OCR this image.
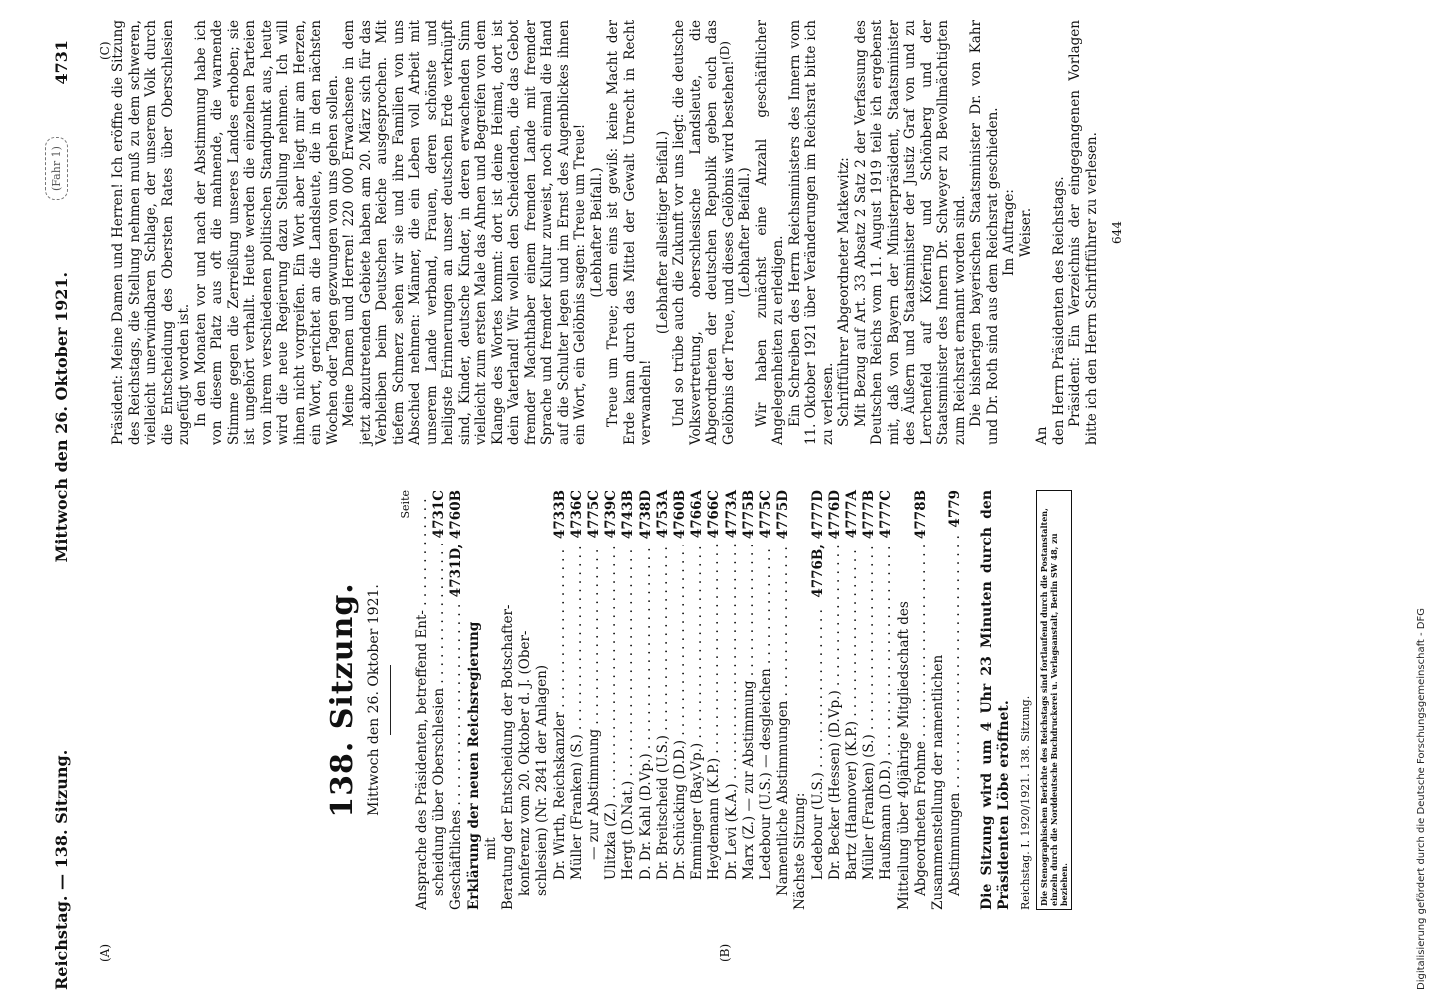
Reichstag. — 138. Sitzung.
Mittwoch den 26. Oktober 1921.
4731
(A)	(B)
(C)	(D)
(Fahr 1)
Digitalisierung gefördert durch die Deutsche Forschungsgemeinschaft - DFG
138. Sitzung. Mittwoch den 26. Oktober 1921.
Seite
Ansprache des Präsidenten, betreffend Ent- . . . scheidung über Oberschlesien . . .
4731C
Geschäftliches . . .
4731D, 4760B
Erklärung der neuen Reichsregierung mit Beratung der Entscheidung der Botschafter- konferenz vom 20. Oktober d. J. (Ober- schlesien) (Nr. 2841 der Anlagen) Dr. Wirth, Reichskanzler . . .
4733B
Müller (Franken) (S.) . . .
4736C
— zur Abstimmung . . .
4775C
Ulitzka (Z.) . . .
4739C
Hergt (D.Nat.) . . .
4743B
D. Dr. Kahl (D.Vp.) . . .
4738D
Dr. Breitscheid (U.S.) . . .
4753A
Dr. Schücking (D.D.) . . .
4760B
Emminger (Bay.Vp.) . . .
4766A
Heydemann (K.P.) . . .
4766C
Dr. Levi (K.A.) . . .
4773A
Marx (Z.) — zur Abstimmung . . .
4775B
Ledebour (U.S.) — desgleichen . . .
4775C
Namentliche Abstimmungen . . .
4775D
Nächste Sitzung: Ledebour (U.S.) . . .
4776B, 4777D
Dr. Becker (Hessen) (D.Vp.) . . .
4776D
Bartz (Hannover) (K.P.) . . .
4777A
Müller (Franken) (S.) . . .
4777B
Haußmann (D.D.) . . .
4777C
Mitteilung über 40jährige Mitgliedschaft des Abgeordneten Frohme . . .
4778B
Zusammenstellung der namentlichen Abstimmungen . . .
4779 Die Sitzung wird um 4 Uhr 23 Minuten durch den Präsidenten Löbe eröffnet. Reichstag. I. 1920/1921. 138. Sitzung. Die Stenographischen Berichte des Reichstags sind fortlaufend durch die Postanstalten, einzeln durch die Norddeutsche Buchdruckerei u. Verlagsanstalt, Berlin SW 48, zu beziehen.

Präsident: Meine Damen und Herren! Ich eröffne die Sitzung des Reichstags, die Stellung nehmen muß zu dem schweren, vielleicht unerwindbaren Schlage, der unserem Volk durch die Entscheidung des Obersten Rates über Oberschlesien zugefügt worden ist. In den Monaten vor und nach der Abstimmung habe ich von diesem Platz aus oft die mahnende, die warnende Stimme gegen die Zerreißung unseres Landes erhoben; sie ist ungehört verhallt. Heute werden die einzelnen Parteien von ihrem verschiedenen politischen Standpunkt aus, heute wird die neue Regierung dazu Stellung nehmen. Ich will ihnen nicht vorgreifen. Ein Wort aber liegt mir am Herzen, ein Wort, gerichtet an die Landsleute, die in den nächsten Wochen oder Tagen gezwungen von uns gehen sollen. Meine Damen und Herren! 220 000 Erwachsene in dem jetzt abzutretenden Gebiete haben am 20. März sich für das Verbleiben beim Deutschen Reiche ausgesprochen. Mit tiefem Schmerz sehen wir sie und ihre Familien von uns Abschied nehmen: Männer, die ein Leben voll Arbeit mit unserem Lande verband, Frauen, deren schönste und heiligste Erinnerungen an unser deutschen Erde verknüpft sind, Kinder, deutsche Kinder, in deren erwachenden Sinn vielleicht zum ersten Male das Ahnen und Begreifen von dem Klange des Wortes kommt: dort ist deine Heimat, dort ist dein Vaterland! Wir wollen den Scheidenden, die das Gebot fremder Machthaber einem fremden Lande mit fremder Sprache und fremder Kultur zuweist, noch einmal die Hand auf die Schulter legen und im Ernst des Augenblickes ihnen ein Wort, ein Gelöbnis sagen: Treue um Treue! (Lebhafter Beifall.) Treue um Treue; denn eins ist gewiß: keine Macht der Erde kann durch das Mittel der Gewalt Unrecht in Recht verwandeln!

(Lebhafter allseitiger Beifall.) Und so trübe auch die Zukunft vor uns liegt: die deutsche Volksvertretung, oberschlesische Landsleute, die Abgeordneten der deutschen Republik geben euch das Gelöbnis der Treue, und dieses Gelöbnis wird bestehen! (Lebhafter Beifall.) Wir haben zunächst eine Anzahl geschäftlicher Angelegenheiten zu erledigen. Ein Schreiben des Herrn Reichsministers des Innern vom 11. Oktober 1921 über Veränderungen im Reichsrat bitte ich zu verlesen. Schriftführer Abgeordneter Matkewitz: Mit Bezug auf Art. 33 Absatz 2 Satz 2 der Verfassung des Deutschen Reichs vom 11. August 1919 teile ich ergebenst mit, daß von Bayern der Ministerpräsident, Staatsminister des Äußern und Staatsminister der Justiz Graf von und zu Lerchenfeld auf Köfering und Schönberg und der Staatsminister des Innern Dr. Schweyer zu Bevollmächtigten zum Reichsrat ernannt worden sind. Die bisherigen bayerischen Staatsminister Dr. von Kahr und Dr. Roth sind aus dem Reichsrat geschieden. Im Auftrage: Weiser.

An den Herrn Präsidenten des Reichstags. Präsident: Ein Verzeichnis der eingegangenen Vorlagen bitte ich den Herrn Schriftführer zu verlesen. 644
